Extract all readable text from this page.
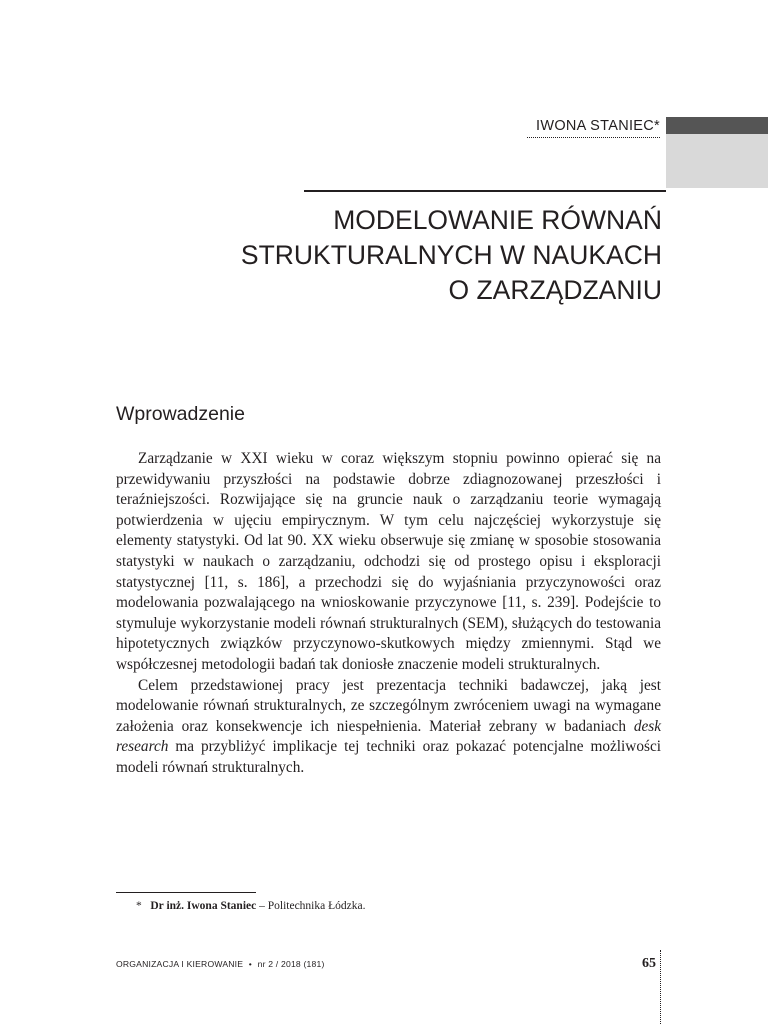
IWONA STANIEC*
MODELOWANIE RÓWNAŃ
STRUKTURALNYCH W NAUKACH
O ZARZĄDZANIU
Wprowadzenie

Zarządzanie w XXI wieku w coraz większym stopniu powinno opierać się na przewidywaniu przyszłości na podstawie dobrze zdiagnozowanej przeszłości i teraźniejszości. Rozwijające się na gruncie nauk o zarządzaniu teorie wymagają potwierdzenia w ujęciu empirycznym. W tym celu najczęściej wykorzystuje się elementy statystyki. Od lat 90. XX wieku obserwuje się zmianę w sposobie stosowania statystyki w naukach o zarządzaniu, odchodzi się od prostego opisu i eksploracji statystycznej [11, s. 186], a przechodzi się do wyjaśniania przyczynowości oraz modelowania pozwalającego na wnioskowanie przyczynowe [11, s. 239]. Podejście to stymuluje wykorzystanie modeli równań strukturalnych (SEM), służących do testowania hipotetycznych związków przyczynowo-skutkowych między zmiennymi. Stąd we współczesnej metodologii badań tak doniosłe znaczenie modeli strukturalnych.

Celem przedstawionej pracy jest prezentacja techniki badawczej, jaką jest modelowanie równań strukturalnych, ze szczególnym zwróceniem uwagi na wymagane założenia oraz konsekwencje ich niespełnienia. Materiał zebrany w badaniach desk research ma przybliżyć implikacje tej techniki oraz pokazać potencjalne możliwości modeli równań strukturalnych.

* Dr inż. Iwona Staniec – Politechnika Łódzka.
ORGANIZACJA I KIEROWANIE • nr 2 / 2018 (181)	65
